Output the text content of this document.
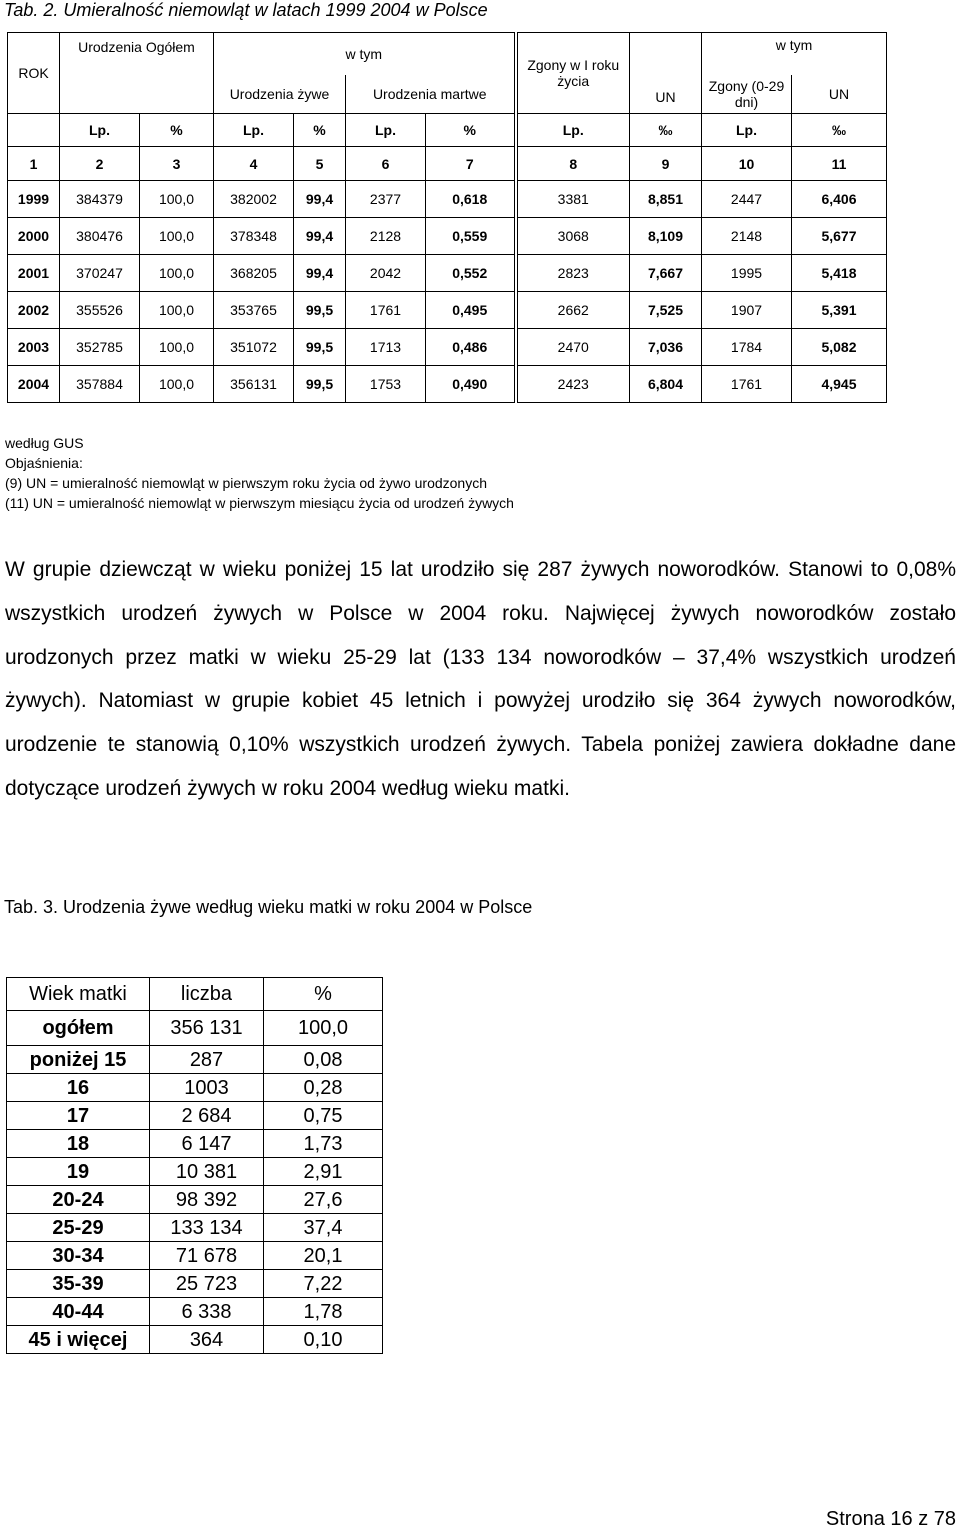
Tab. 2. Umieralność niemowląt w latach 1999 2004 w Polsce
ROK	Urodzenia Ogółem		w tym				Zgony w I roku życia	UN	w tym	
			Urodzenia żywe		Urodzenia martwe				Zgony (0-29 dni)	UN
	Lp.	%	Lp.	%	Lp.	%	Lp.	‰	Lp.	‰
1	2	3	4	5	6	7	8	9	10	11
1999	384379	100,0	382002	99,4	2377	0,618	3381	8,851	2447	6,406
2000	380476	100,0	378348	99,4	2128	0,559	3068	8,109	2148	5,677
2001	370247	100,0	368205	99,4	2042	0,552	2823	7,667	1995	5,418
2002	355526	100,0	353765	99,5	1761	0,495	2662	7,525	1907	5,391
2003	352785	100,0	351072	99,5	1713	0,486	2470	7,036	1784	5,082
2004	357884	100,0	356131	99,5	1753	0,490	2423	6,804	1761	4,945
według GUS
Objaśnienia:
(9) UN = umieralność niemowląt w pierwszym roku życia od żywo urodzonych
(11) UN = umieralność niemowląt w pierwszym miesiącu życia od urodzeń żywych

W grupie dziewcząt w wieku poniżej 15 lat urodziło się 287 żywych noworodków. Stanowi to 0,08% wszystkich urodzeń żywych w Polsce w 2004 roku. Najwięcej żywych noworodków zostało urodzonych przez matki w wieku 25-29 lat (133 134 noworodków – 37,4% wszystkich urodzeń żywych). Natomiast w grupie kobiet 45 letnich i powyżej urodziło się 364 żywych noworodków, urodzenie te stanowią 0,10% wszystkich urodzeń żywych. Tabela poniżej zawiera dokładne dane dotyczące urodzeń żywych w roku 2004 według wieku matki.

Tab. 3. Urodzenia żywe według wieku matki w roku 2004 w Polsce
Wiek matki	liczba	%
ogółem	356 131	100,0
poniżej 15	287	0,08
16	1003	0,28
17	2 684	0,75
18	6 147	1,73
19	10 381	2,91
20-24	98 392	27,6
25-29	133 134	37,4
30-34	71 678	20,1
35-39	25 723	7,22
40-44	6 338	1,78
45 i więcej	364	0,10
Strona 16 z 78
